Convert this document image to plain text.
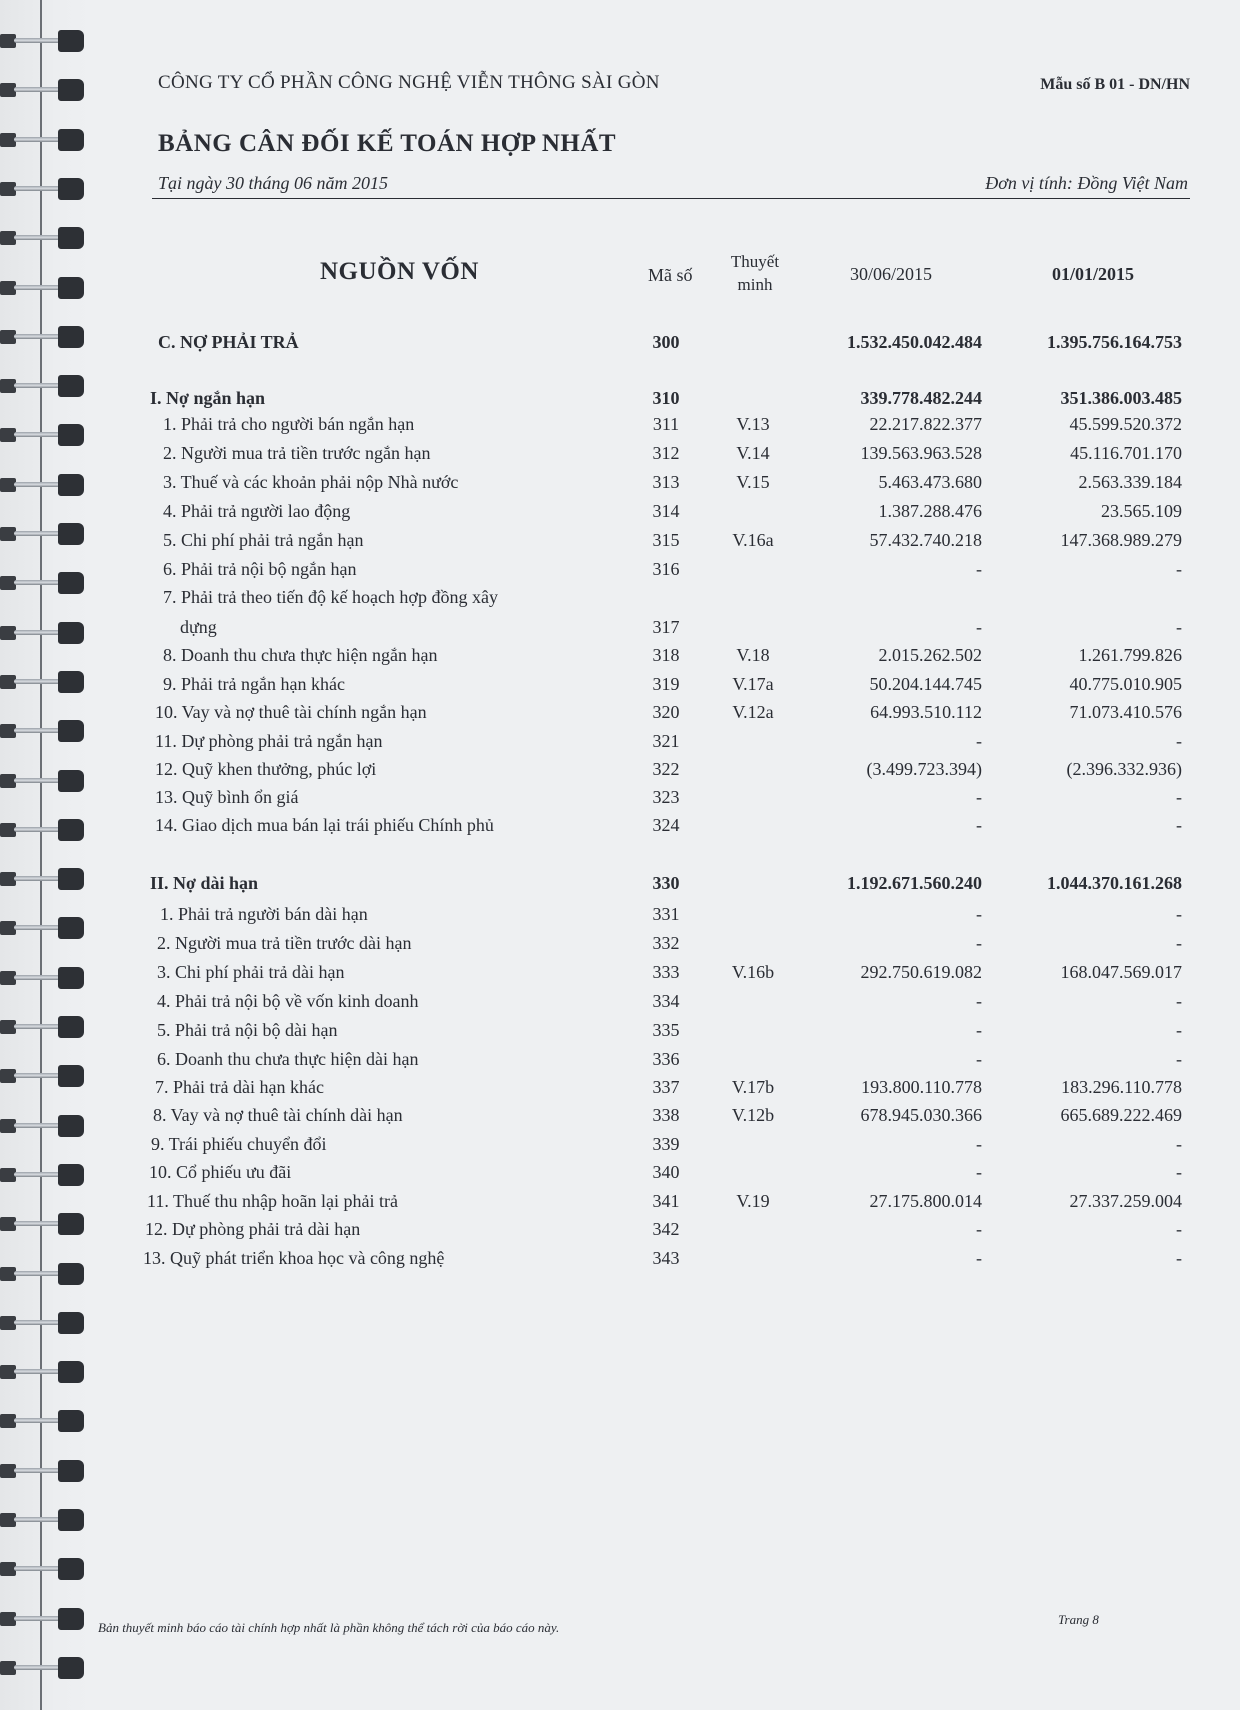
CÔNG TY CỔ PHẦN CÔNG NGHỆ VIỄN THÔNG SÀI GÒN	Mẫu số B 01 - DN/HN
BẢNG CÂN ĐỐI KẾ TOÁN HỢP NHẤT
Tại ngày 30 tháng 06 năm 2015	Đơn vị tính: Đồng Việt Nam
NGUỒN VỐN	Mã số
Thuyết
minh
30/06/2015	01/01/2015
C. NỢ PHẢI TRẢ	300	1.532.450.042.484	1.395.756.164.753
I. Nợ ngắn hạn	310	339.778.482.244	351.386.003.485
1. Phải trả cho người bán ngắn hạn	311	V.13	22.217.822.377	45.599.520.372
2. Người mua trả tiền trước ngắn hạn	312	V.14	139.563.963.528	45.116.701.170
3. Thuế và các khoản phải nộp Nhà nước	313	V.15	5.463.473.680	2.563.339.184
4. Phải trả người lao động	314	1.387.288.476	23.565.109
5. Chi phí phải trả ngắn hạn	315	V.16a	57.432.740.218	147.368.989.279
6. Phải trả nội bộ ngắn hạn	316	-	-
7. Phải trả theo tiến độ kế hoạch hợp đồng xây
dựng	317	-	-
8. Doanh thu chưa thực hiện ngắn hạn	318	V.18	2.015.262.502	1.261.799.826
9. Phải trả ngắn hạn khác	319	V.17a	50.204.144.745	40.775.010.905
10. Vay và nợ thuê tài chính ngắn hạn	320	V.12a	64.993.510.112	71.073.410.576
11. Dự phòng phải trả ngắn hạn	321	-	-
12. Quỹ khen thưởng, phúc lợi	322	(3.499.723.394)	(2.396.332.936)
13. Quỹ bình ổn giá	323	-	-
14. Giao dịch mua bán lại trái phiếu Chính phủ	324	-	-
II. Nợ dài hạn	330	1.192.671.560.240	1.044.370.161.268
1. Phải trả người bán dài hạn	331	-	-
2. Người mua trả tiền trước dài hạn	332	-	-
3. Chi phí phải trả dài hạn	333	V.16b	292.750.619.082	168.047.569.017
4. Phải trả nội bộ về vốn kinh doanh	334	-	-
5. Phải trả nội bộ dài hạn	335	-	-
6. Doanh thu chưa thực hiện dài hạn	336	-	-
7. Phải trả dài hạn khác	337	V.17b	193.800.110.778	183.296.110.778
8. Vay và nợ thuê tài chính dài hạn	338	V.12b	678.945.030.366	665.689.222.469
9. Trái phiếu chuyển đổi	339	-	-
10. Cổ phiếu ưu đãi	340	-	-
11. Thuế thu nhập hoãn lại phải trả	341	V.19	27.175.800.014	27.337.259.004
12. Dự phòng phải trả dài hạn	342	-	-
13. Quỹ phát triển khoa học và công nghệ	343	-	-
Bản thuyết minh báo cáo tài chính hợp nhất là phần không thể tách rời của báo cáo này.
Trang 8
